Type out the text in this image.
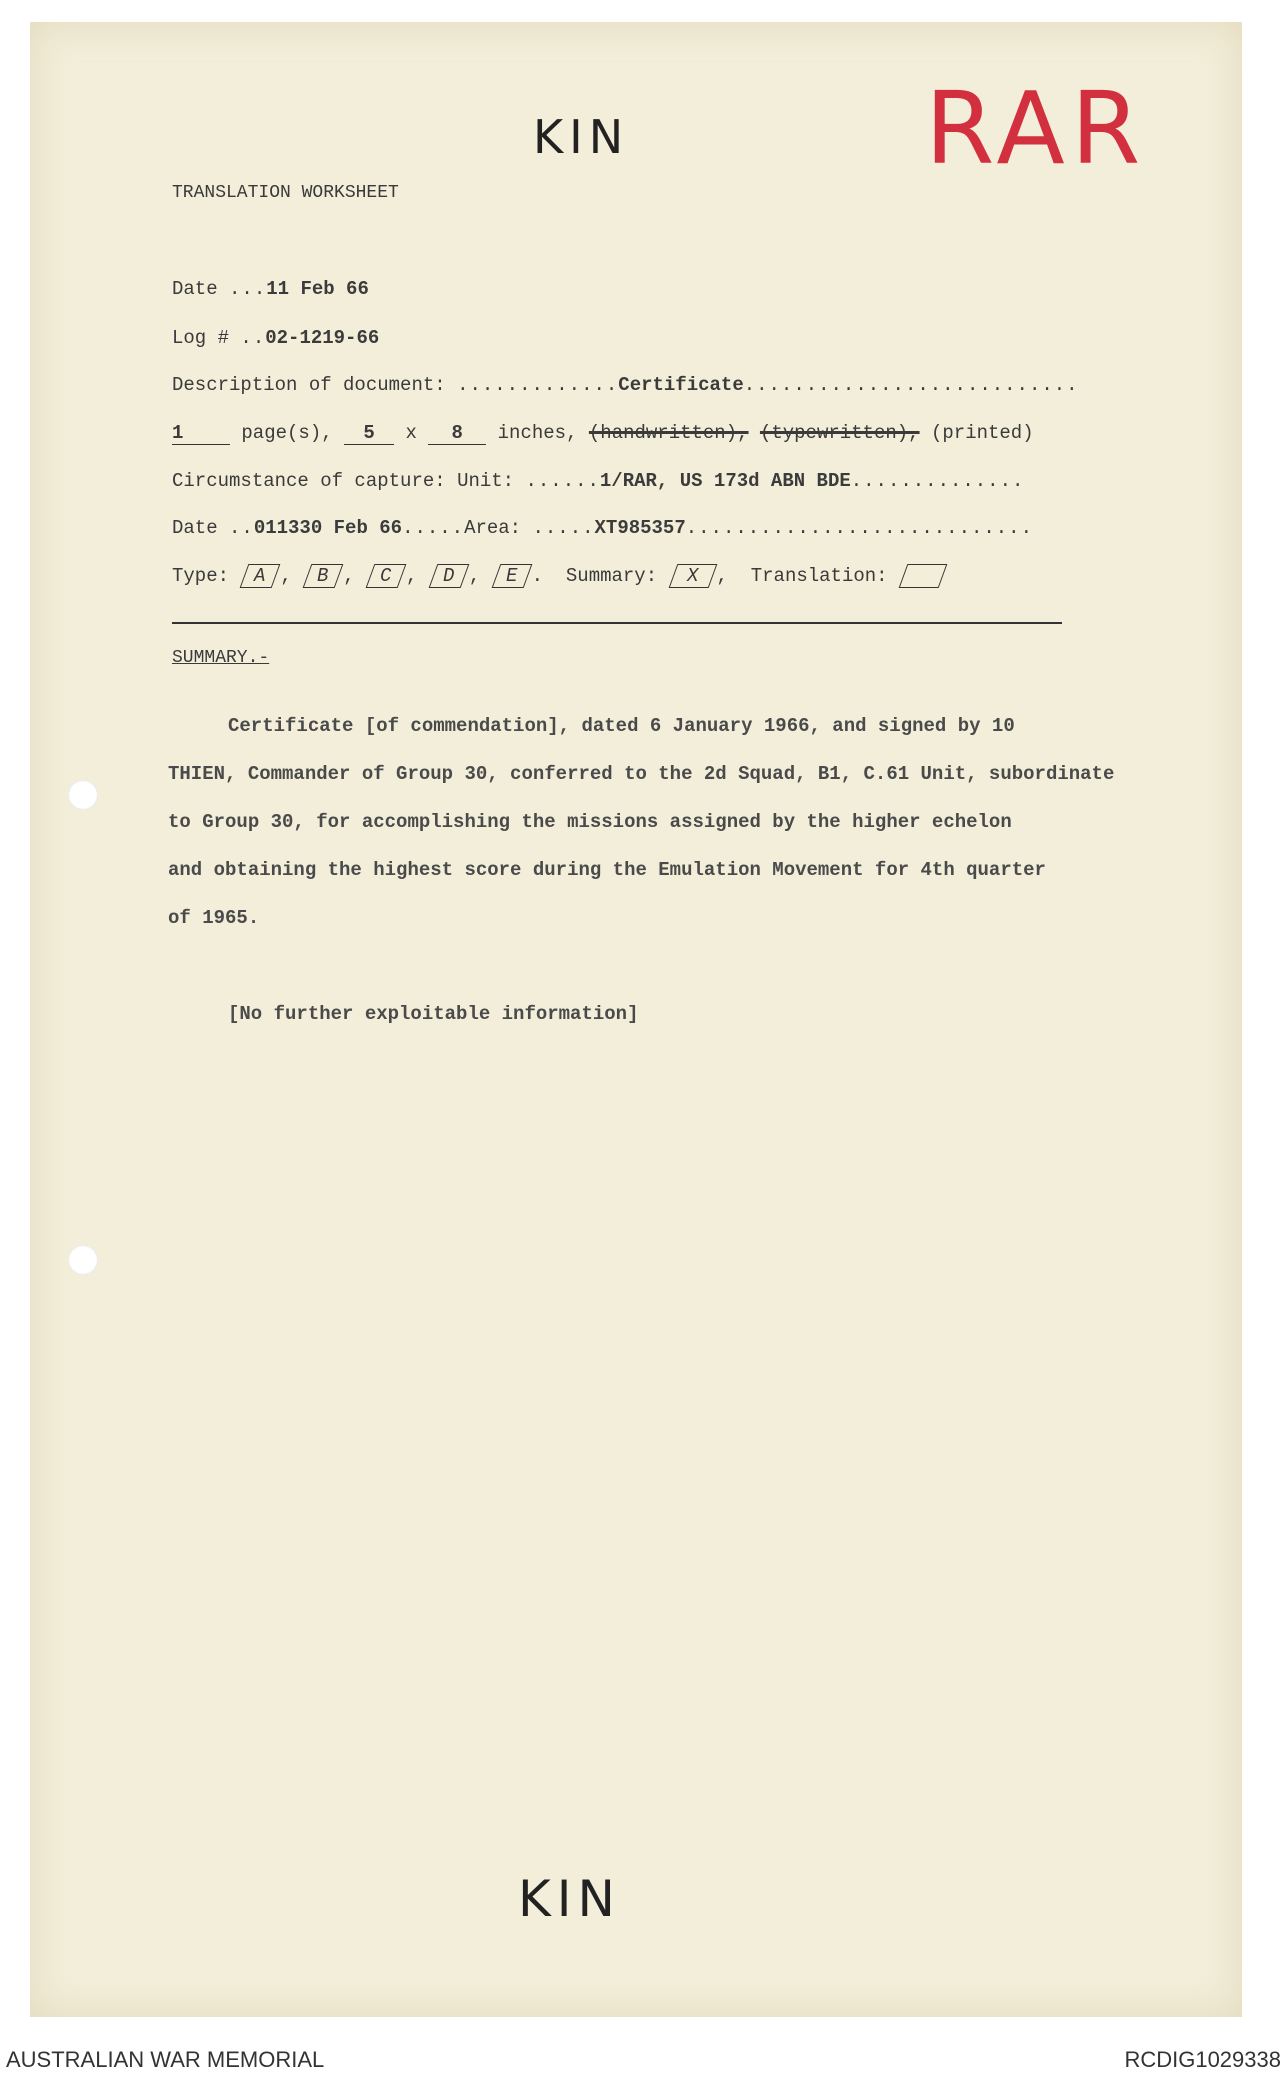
KIN	RAR
TRANSLATION WORKSHEET
Date ...11 Feb 66
Log # ..02-1219-66
Description of document: .............Certificate...........................
1	page(s), 5 x 8 inches, (handwritten), (typewritten), (printed)
Circumstance of capture: Unit: ......1/RAR, US 173d ABN BDE..............
Date ..011330 Feb 66.....Area: .....XT985357............................
Type: A , B , C , D , E .  Summary: X ,  Translation:
SUMMARY.-
Certificate [of commendation], dated 6 January 1966, and signed by 10
THIEN, Commander of Group 30, conferred to the 2d Squad, B1, C.61 Unit, subordinate
to Group 30, for accomplishing the missions assigned by the higher echelon
and obtaining the highest score during the Emulation Movement for 4th quarter
of 1965.
[No further exploitable information]
KIN
AUSTRALIAN WAR MEMORIAL	RCDIG1029338
